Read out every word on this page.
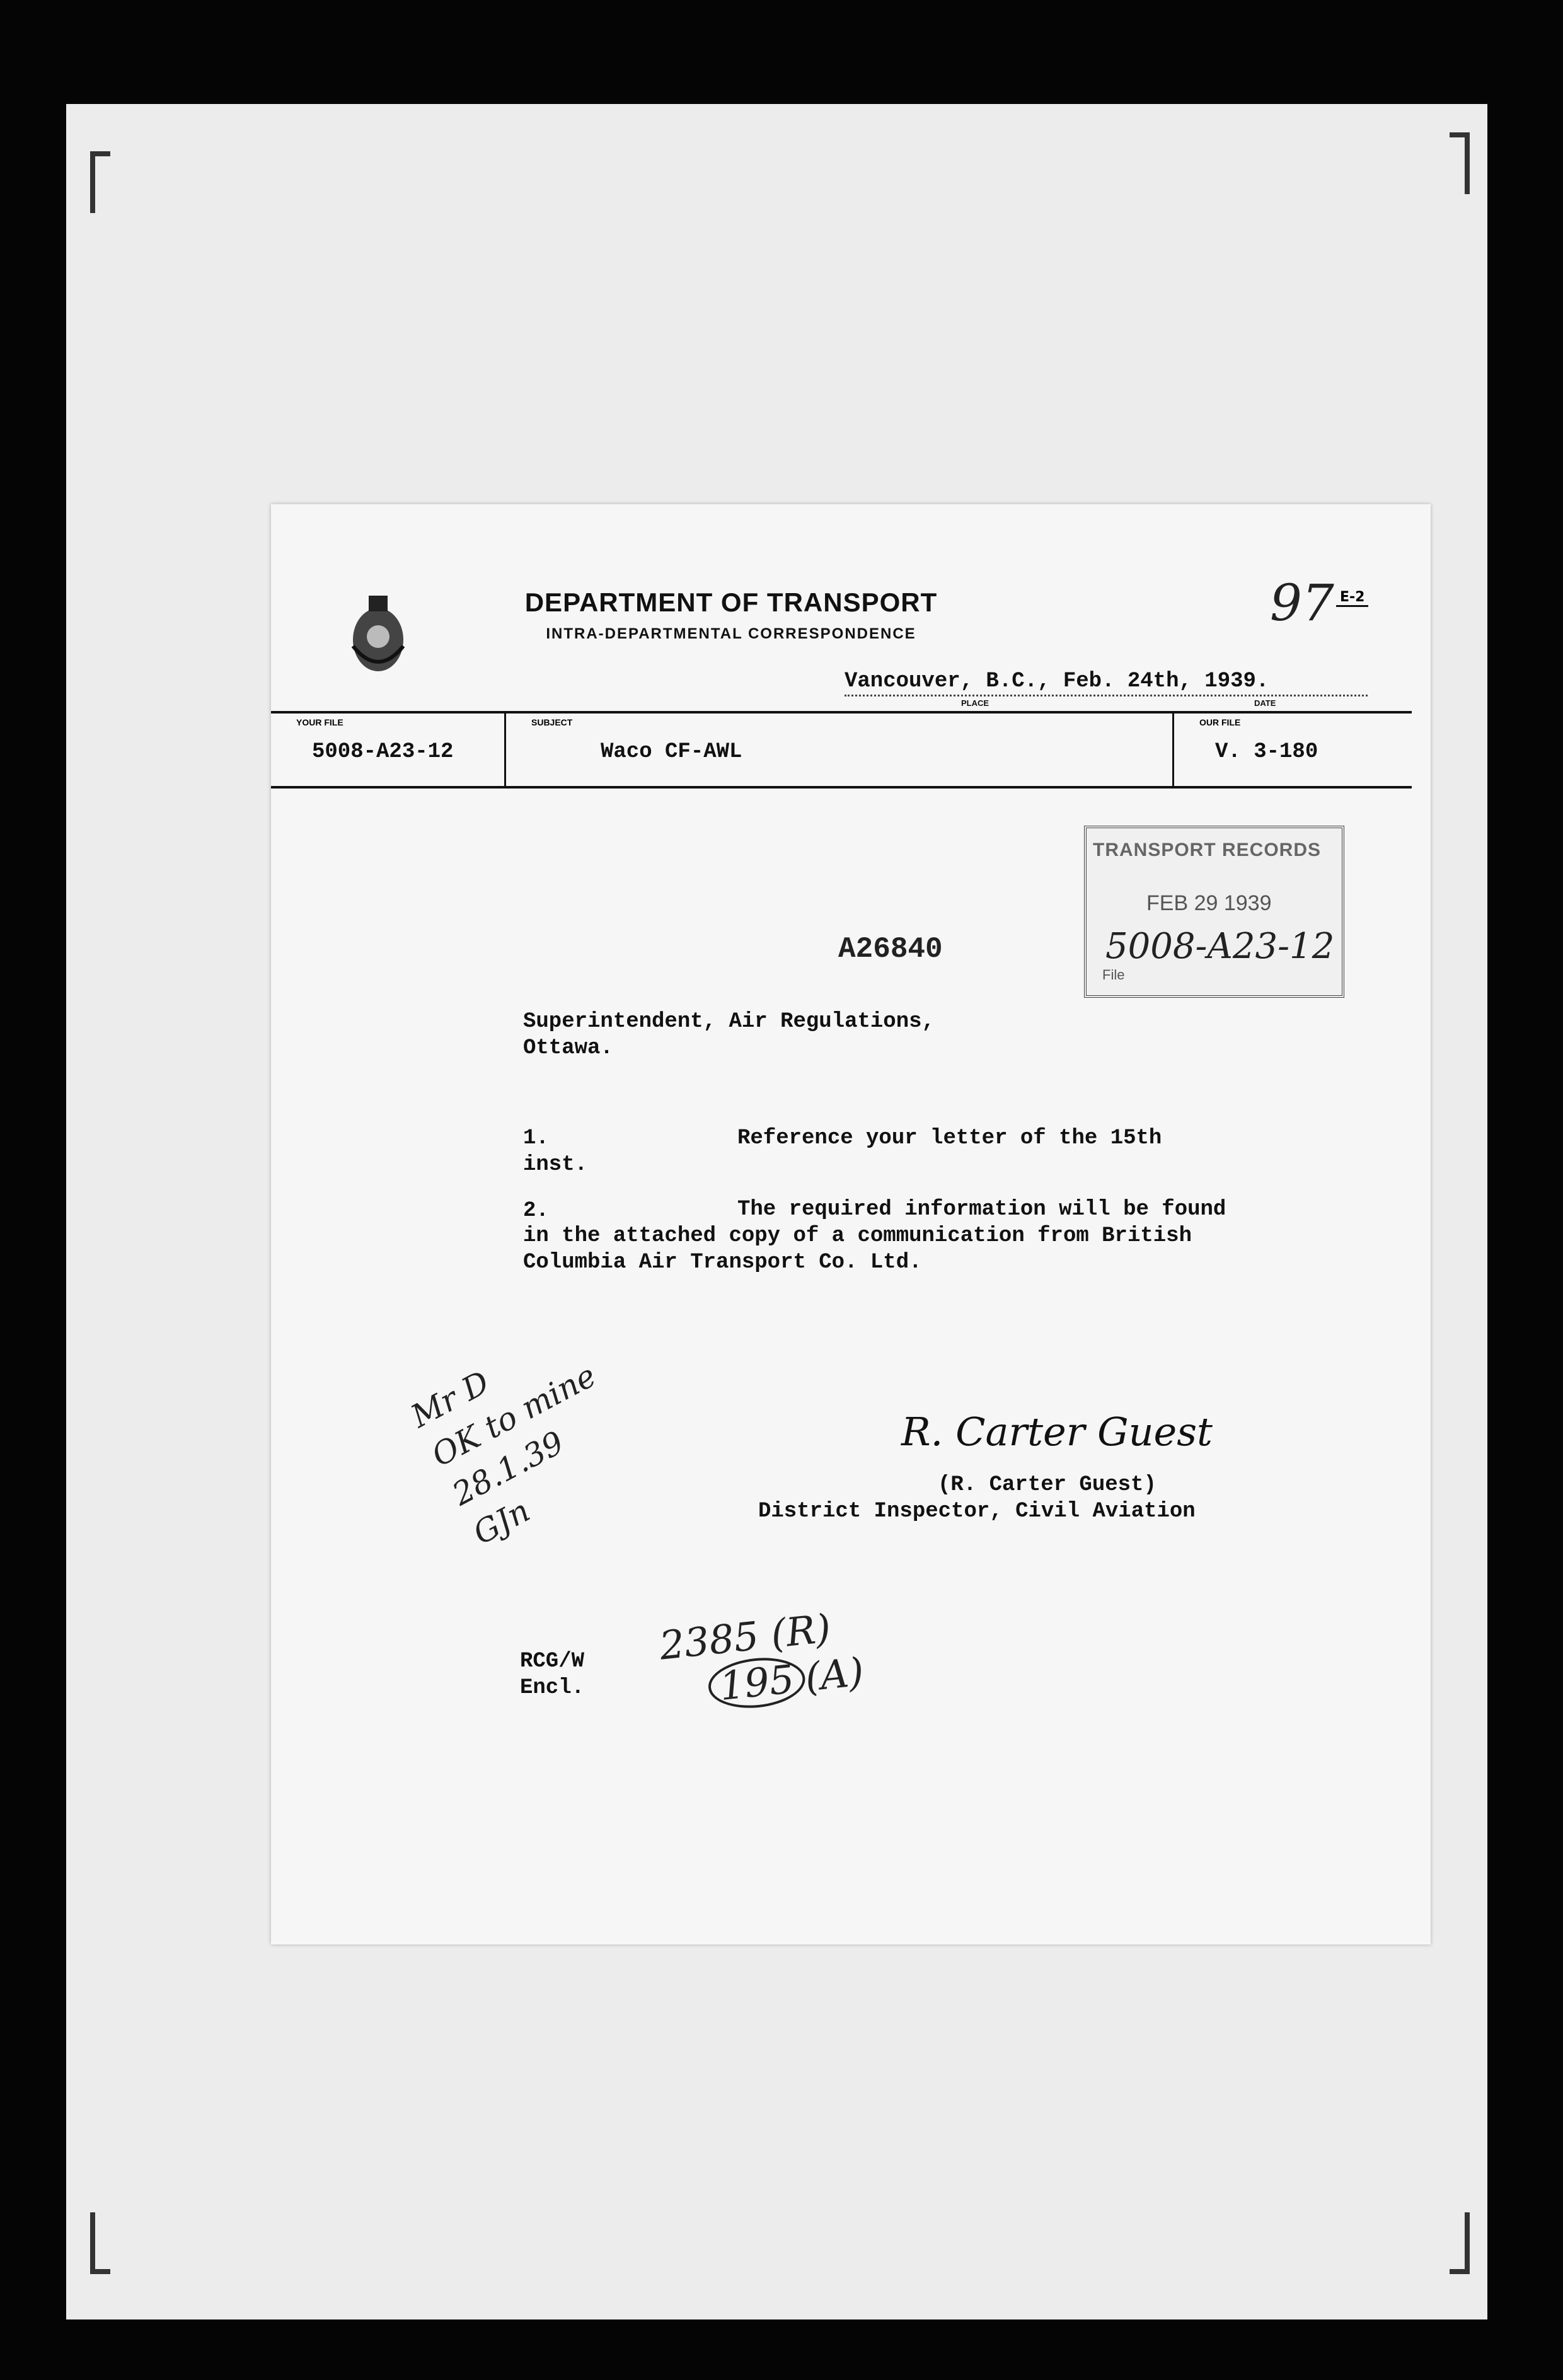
DEPARTMENT OF TRANSPORT
INTRA-DEPARTMENTAL CORRESPONDENCE
97 E-2
Vancouver, B.C., Feb. 24th, 1939.
PLACE	DATE
YOUR FILE
5008-A23-12
SUBJECT
Waco CF-AWL
OUR FILE
V. 3-180
TRANSPORT RECORDS
FEB 29 1939
5008-A23-12
File
A26840
Superintendent, Air Regulations,
Ottawa.
1.	Reference your letter of the 15th
inst.
2.	The required information will be found
in the attached copy of a communication from British
Columbia Air Transport Co. Ltd.
R. Carter Guest
(R. Carter Guest)
District Inspector, Civil Aviation
Mr D
OK to mine
28.1.39
GJn
RCG/W
Encl.
2385 (R)
195 (A)
